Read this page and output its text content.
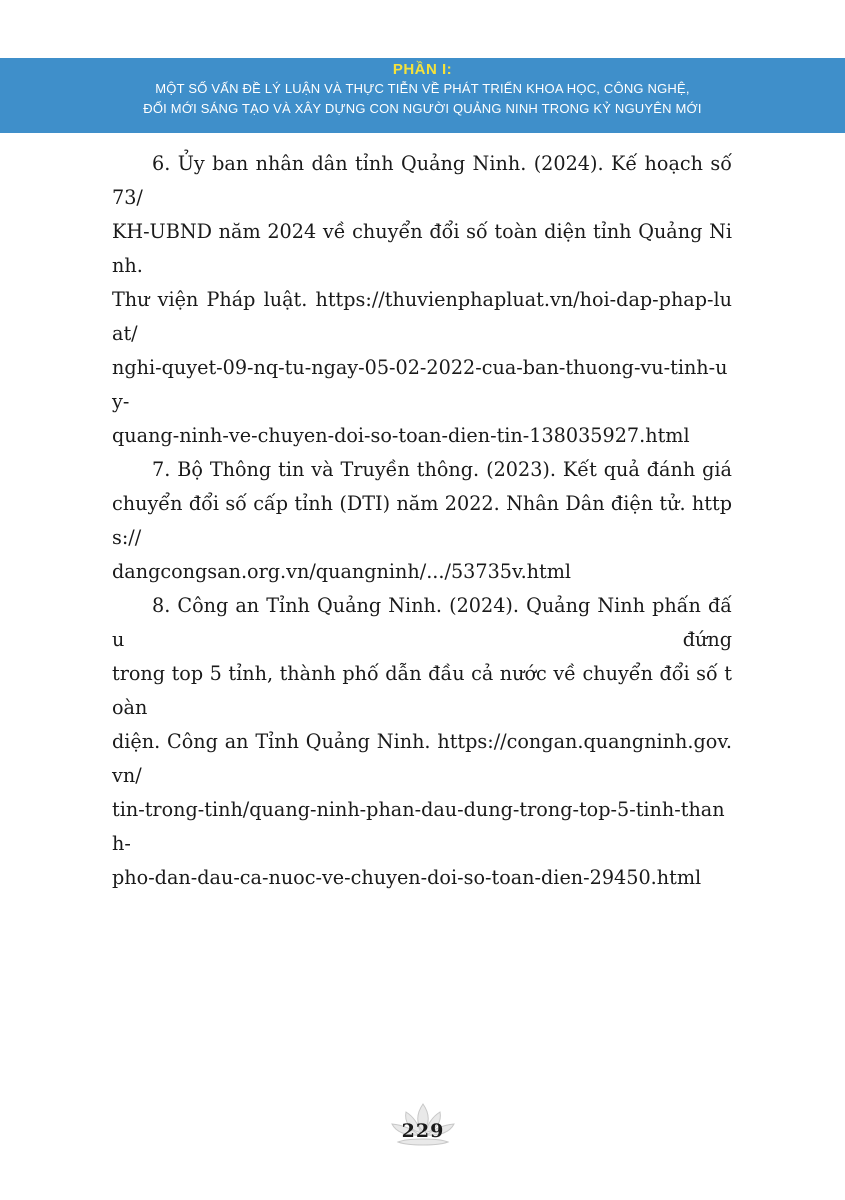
PHẦN I:
MỘT SỐ VẤN ĐỀ LÝ LUẬN VÀ THỰC TIỄN VỀ PHÁT TRIỂN KHOA HỌC, CÔNG NGHỆ,
ĐỔI MỚI SÁNG TẠO VÀ XÂY DỰNG CON NGƯỜI QUẢNG NINH TRONG KỶ NGUYÊN MỚI

6. Ủy ban nhân dân tỉnh Quảng Ninh. (2024). Kế hoạch số 73/
KH-UBND năm 2024 về chuyển đổi số toàn diện tỉnh Quảng Ninh.
Thư viện Pháp luật. https://thuvienphapluat.vn/hoi-dap-phap-luat/
nghi-quyet-09-nq-tu-ngay-05-02-2022-cua-ban-thuong-vu-tinh-uy-
quang-ninh-ve-chuyen-doi-so-toan-dien-tin-138035927.html

7. Bộ Thông tin và Truyền thông. (2023). Kết quả đánh giá
chuyển đổi số cấp tỉnh (DTI) năm 2022. Nhân Dân điện tử. https://
dangcongsan.org.vn/quangninh/.../53735v.html

8. Công an Tỉnh Quảng Ninh. (2024). Quảng Ninh phấn đấu đứng
trong top 5 tỉnh, thành phố dẫn đầu cả nước về chuyển đổi số toàn
diện. Công an Tỉnh Quảng Ninh. https://congan.quangninh.gov.vn/
tin-trong-tinh/quang-ninh-phan-dau-dung-trong-top-5-tinh-thanh-
pho-dan-dau-ca-nuoc-ve-chuyen-doi-so-toan-dien-29450.html

229
